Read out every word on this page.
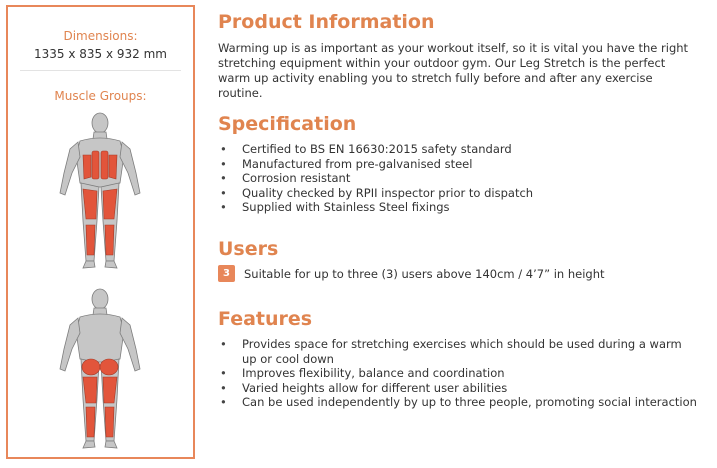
Dimensions:
1335 x 835 x 932 mm
Muscle Groups:
Product Information

Warming up is as important as your workout itself, so it is vital you have the right stretching equipment within your outdoor gym. Our Leg Stretch is the perfect warm up activity enabling you to stretch fully before and after any exercise routine.

Specification
• Certified to BS EN 16630:2015 safety standard
• Manufactured from pre-galvanised steel
• Corrosion resistant
• Quality checked by RPII inspector prior to dispatch
• Supplied with Stainless Steel fixings
Users
3	Suitable for up to three (3) users above 140cm / 4’7” in height
Features
• Provides space for stretching exercises which should be used during a warm up or cool down
• Improves flexibility, balance and coordination
• Varied heights allow for different user abilities
• Can be used independently by up to three people, promoting social interaction
